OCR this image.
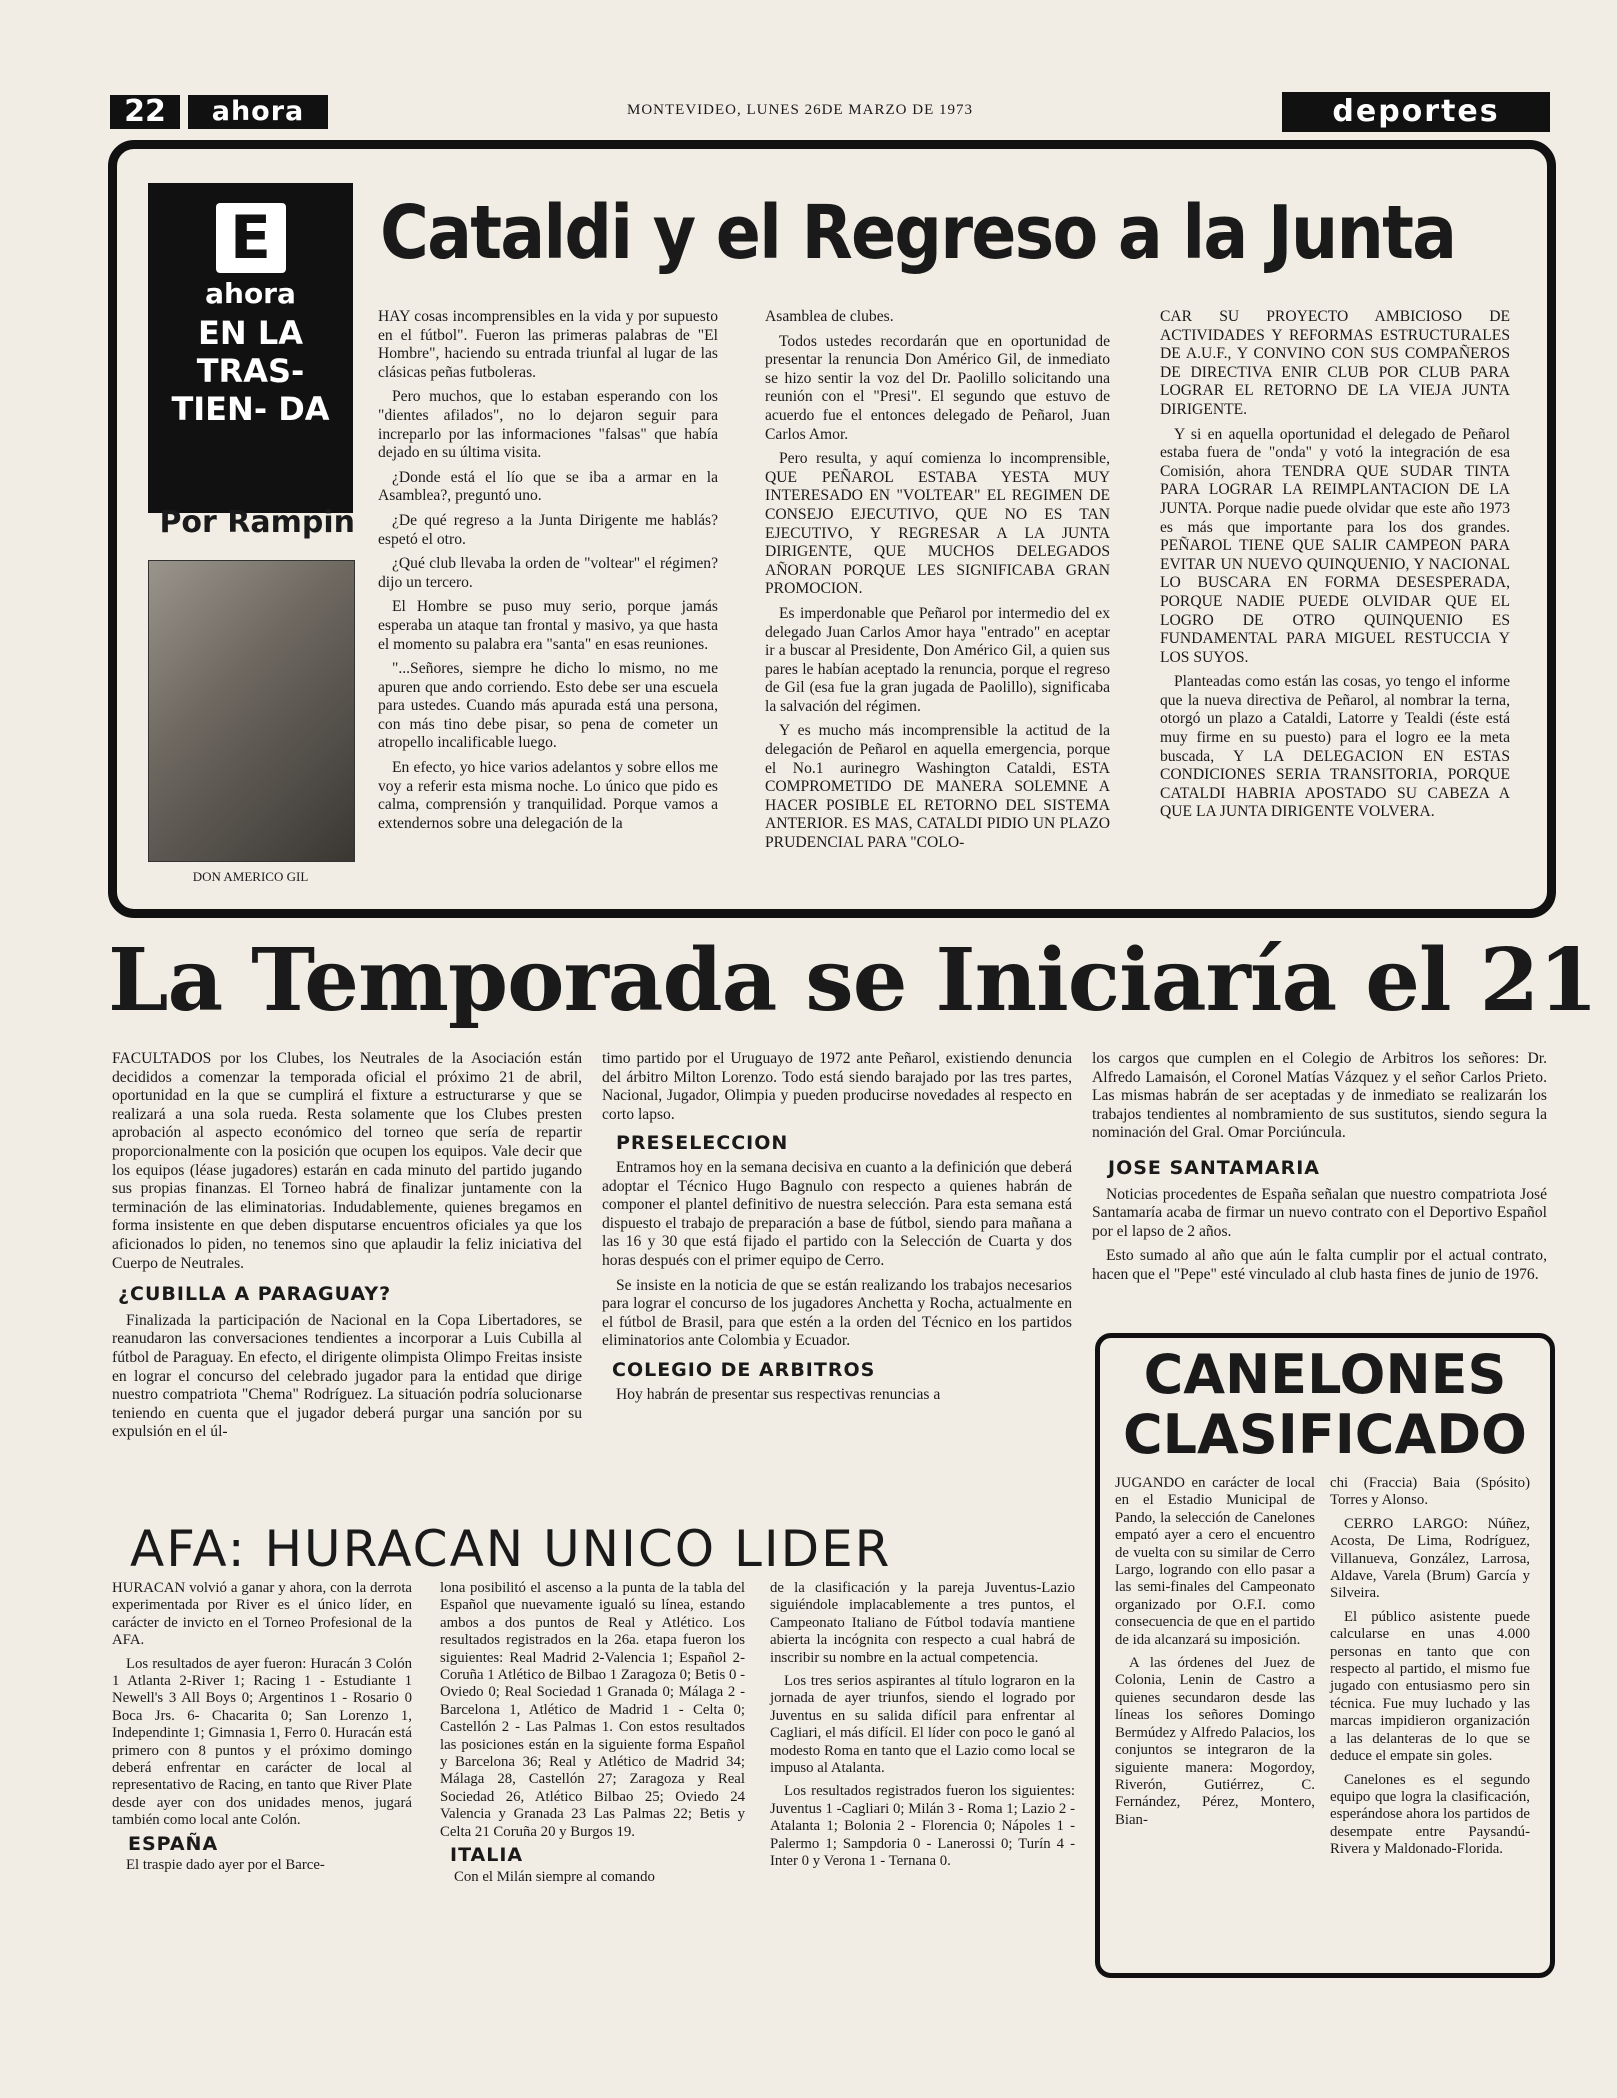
22	ahora	MONTEVIDEO, LUNES 26DE MARZO DE 1973	deportes
E
ahora
EN LA TRAS- TIEN- DA
Por Rampin
DON AMERICO GIL
Cataldi y el Regreso a la Junta

HAY cosas incomprensibles en la vida y por supuesto en el fútbol". Fueron las primeras palabras de "El Hombre", haciendo su entrada triunfal al lugar de las clásicas peñas futboleras.

Pero muchos, que lo estaban esperando con los "dientes afilados", no lo dejaron seguir para increparlo por las informaciones "falsas" que había dejado en su última visita.

¿Donde está el lío que se iba a armar en la Asamblea?, preguntó uno.

¿De qué regreso a la Junta Dirigente me hablás? espetó el otro.

¿Qué club llevaba la orden de "voltear" el régimen? dijo un tercero.

El Hombre se puso muy serio, porque jamás esperaba un ataque tan frontal y masivo, ya que hasta el momento su palabra era "santa" en esas reuniones.

"...Señores, siempre he dicho lo mismo, no me apuren que ando corriendo. Esto debe ser una escuela para ustedes. Cuando más apurada está una persona, con más tino debe pisar, so pena de cometer un atropello incalificable luego.

En efecto, yo hice varios adelantos y sobre ellos me voy a referir esta misma noche. Lo único que pido es calma, comprensión y tranquilidad. Porque vamos a extendernos sobre una delegación de la

Asamblea de clubes.

Todos ustedes recordarán que en oportunidad de presentar la renuncia Don Américo Gil, de inmediato se hizo sentir la voz del Dr. Paolillo solicitando una reunión con el "Presi". El segundo que estuvo de acuerdo fue el entonces delegado de Peñarol, Juan Carlos Amor.

Pero resulta, y aquí comienza lo incomprensible, QUE PEÑAROL ESTABA YESTA MUY INTERESADO EN "VOLTEAR" EL REGIMEN DE CONSEJO EJECUTIVO, QUE NO ES TAN EJECUTIVO, Y REGRESAR A LA JUNTA DIRIGENTE, QUE MUCHOS DELEGADOS AÑORAN PORQUE LES SIGNIFICABA GRAN PROMOCION.

Es imperdonable que Peñarol por intermedio del ex delegado Juan Carlos Amor haya "entrado" en aceptar ir a buscar al Presidente, Don Américo Gil, a quien sus pares le habían aceptado la renuncia, porque el regreso de Gil (esa fue la gran jugada de Paolillo), significaba la salvación del régimen.

Y es mucho más incomprensible la actitud de la delegación de Peñarol en aquella emergencia, porque el No.1 aurinegro Washington Cataldi, ESTA COMPROMETIDO DE MANERA SOLEMNE A HACER POSIBLE EL RETORNO DEL SISTEMA ANTERIOR. ES MAS, CATALDI PIDIO UN PLAZO PRUDENCIAL PARA "COLO-

CAR SU PROYECTO AMBICIOSO DE ACTIVIDADES Y REFORMAS ESTRUCTURALES DE A.U.F., Y CONVINO CON SUS COMPAÑEROS DE DIRECTIVA ENIR CLUB POR CLUB PARA LOGRAR EL RETORNO DE LA VIEJA JUNTA DIRIGENTE.

Y si en aquella oportunidad el delegado de Peñarol estaba fuera de "onda" y votó la integración de esa Comisión, ahora TENDRA QUE SUDAR TINTA PARA LOGRAR LA REIMPLANTACION DE LA JUNTA. Porque nadie puede olvidar que este año 1973 es más que importante para los dos grandes. PEÑAROL TIENE QUE SALIR CAMPEON PARA EVITAR UN NUEVO QUINQUENIO, Y NACIONAL LO BUSCARA EN FORMA DESESPERADA, PORQUE NADIE PUEDE OLVIDAR QUE EL LOGRO DE OTRO QUINQUENIO ES FUNDAMENTAL PARA MIGUEL RESTUCCIA Y LOS SUYOS.

Planteadas como están las cosas, yo tengo el informe que la nueva directiva de Peñarol, al nombrar la terna, otorgó un plazo a Cataldi, Latorre y Tealdi (éste está muy firme en su puesto) para el logro ee la meta buscada, Y LA DELEGACION EN ESTAS CONDICIONES SERIA TRANSITORIA, PORQUE CATALDI HABRIA APOSTADO SU CABEZA A QUE LA JUNTA DIRIGENTE VOLVERA.

La Temporada se Iniciaría el 21

FACULTADOS por los Clubes, los Neutrales de la Asociación están decididos a comenzar la temporada oficial el próximo 21 de abril, oportunidad en la que se cumplirá el fixture a estructurarse y que se realizará a una sola rueda. Resta solamente que los Clubes presten aprobación al aspecto económico del torneo que sería de repartir proporcionalmente con la posición que ocupen los equipos. Vale decir que los equipos (léase jugadores) estarán en cada minuto del partido jugando sus propias finanzas. El Torneo habrá de finalizar juntamente con la terminación de las eliminatorias. Indudablemente, quienes bregamos en forma insistente en que deben disputarse encuentros oficiales ya que los aficionados lo piden, no tenemos sino que aplaudir la feliz iniciativa del Cuerpo de Neutrales.

¿CUBILLA A PARAGUAY?

Finalizada la participación de Nacional en la Copa Libertadores, se reanudaron las conversaciones tendientes a incorporar a Luis Cubilla al fútbol de Paraguay. En efecto, el dirigente olimpista Olimpo Freitas insiste en lograr el concurso del celebrado jugador para la entidad que dirige nuestro compatriota "Chema" Rodríguez. La situación podría solucionarse teniendo en cuenta que el jugador deberá purgar una sanción por su expulsión en el úl-

timo partido por el Uruguayo de 1972 ante Peñarol, existiendo denuncia del árbitro Milton Lorenzo. Todo está siendo barajado por las tres partes, Nacional, Jugador, Olimpia y pueden producirse novedades al respecto en corto lapso.

PRESELECCION

Entramos hoy en la semana decisiva en cuanto a la definición que deberá adoptar el Técnico Hugo Bagnulo con respecto a quienes habrán de componer el plantel definitivo de nuestra selección. Para esta semana está dispuesto el trabajo de preparación a base de fútbol, siendo para mañana a las 16 y 30 que está fijado el partido con la Selección de Cuarta y dos horas después con el primer equipo de Cerro.

Se insiste en la noticia de que se están realizando los trabajos necesarios para lograr el concurso de los jugadores Anchetta y Rocha, actualmente en el fútbol de Brasil, para que estén a la orden del Técnico en los partidos eliminatorios ante Colombia y Ecuador.

COLEGIO DE ARBITROS

Hoy habrán de presentar sus respectivas renuncias a

los cargos que cumplen en el Colegio de Arbitros los señores: Dr. Alfredo Lamaisón, el Coronel Matías Vázquez y el señor Carlos Prieto. Las mismas habrán de ser aceptadas y de inmediato se realizarán los trabajos tendientes al nombramiento de sus sustitutos, siendo segura la nominación del Gral. Omar Porciúncula.

JOSE SANTAMARIA

Noticias procedentes de España señalan que nuestro compatriota José Santamaría acaba de firmar un nuevo contrato con el Deportivo Español por el lapso de 2 años.

Esto sumado al año que aún le falta cumplir por el actual contrato, hacen que el "Pepe" esté vinculado al club hasta fines de junio de 1976.

AFA: HURACAN UNICO LIDER

HURACAN volvió a ganar y ahora, con la derrota experimentada por River es el único líder, en carácter de invicto en el Torneo Profesional de la AFA.

Los resultados de ayer fueron: Huracán 3 Colón 1 Atlanta 2-River 1; Racing 1 - Estudiante 1 Newell's 3 All Boys 0; Argentinos 1 - Rosario 0 Boca Jrs. 6- Chacarita 0; San Lorenzo 1, Independinte 1; Gimnasia 1, Ferro 0. Huracán está primero con 8 puntos y el próximo domingo deberá enfrentar en carácter de local al representativo de Racing, en tanto que River Plate desde ayer con dos unidades menos, jugará también como local ante Colón.

ESPAÑA

El traspie dado ayer por el Barce-

lona posibilitó el ascenso a la punta de la tabla del Español que nuevamente igualó su línea, estando ambos a dos puntos de Real y Atlético. Los resultados registrados en la 26a. etapa fueron los siguientes: Real Madrid 2-Valencia 1; Español 2-Coruña 1 Atlético de Bilbao 1 Zaragoza 0; Betis 0 - Oviedo 0; Real Sociedad 1 Granada 0; Málaga 2 - Barcelona 1, Atlético de Madrid 1 - Celta 0; Castellón 2 - Las Palmas 1. Con estos resultados las posiciones están en la siguiente forma Español y Barcelona 36; Real y Atlético de Madrid 34; Málaga 28, Castellón 27; Zaragoza y Real Sociedad 26, Atlético Bilbao 25; Oviedo 24 Valencia y Granada 23 Las Palmas 22; Betis y Celta 21 Coruña 20 y Burgos 19.

ITALIA

Con el Milán siempre al comando

de la clasificación y la pareja Juventus-Lazio siguiéndole implacablemente a tres puntos, el Campeonato Italiano de Fútbol todavía mantiene abierta la incógnita con respecto a cual habrá de inscribir su nombre en la actual competencia.

Los tres serios aspirantes al título lograron en la jornada de ayer triunfos, siendo el logrado por Juventus en su salida difícil para enfrentar al Cagliari, el más difícil. El líder con poco le ganó al modesto Roma en tanto que el Lazio como local se impuso al Atalanta.

Los resultados registrados fueron los siguientes: Juventus 1 -Cagliari 0; Milán 3 - Roma 1; Lazio 2 - Atalanta 1; Bolonia 2 - Florencia 0; Nápoles 1 - Palermo 1; Sampdoria 0 - Lanerossi 0; Turín 4 - Inter 0 y Verona 1 - Ternana 0.

CANELONES
CLASIFICADO

JUGANDO en carácter de local en el Estadio Municipal de Pando, la selección de Canelones empató ayer a cero el encuentro de vuelta con su similar de Cerro Largo, logrando con ello pasar a las semi-finales del Campeonato organizado por O.F.I. como consecuencia de que en el partido de ida alcanzará su imposición.

A las órdenes del Juez de Colonia, Lenin de Castro a quienes secundaron desde las líneas los señores Domingo Bermúdez y Alfredo Palacios, los conjuntos se integraron de la siguiente manera: Mogordoy, Riverón, Gutiérrez, C. Fernández, Pérez, Montero, Bian-

chi (Fraccia) Baia (Spósito) Torres y Alonso.

CERRO LARGO: Núñez, Acosta, De Lima, Rodríguez, Villanueva, González, Larrosa, Aldave, Varela (Brum) García y Silveira.

El público asistente puede calcularse en unas 4.000 personas en tanto que con respecto al partido, el mismo fue jugado con entusiasmo pero sin técnica. Fue muy luchado y las marcas impidieron organización a las delanteras de lo que se deduce el empate sin goles.

Canelones es el segundo equipo que logra la clasificación, esperándose ahora los partidos de desempate entre Paysandú-Rivera y Maldonado-Florida.
